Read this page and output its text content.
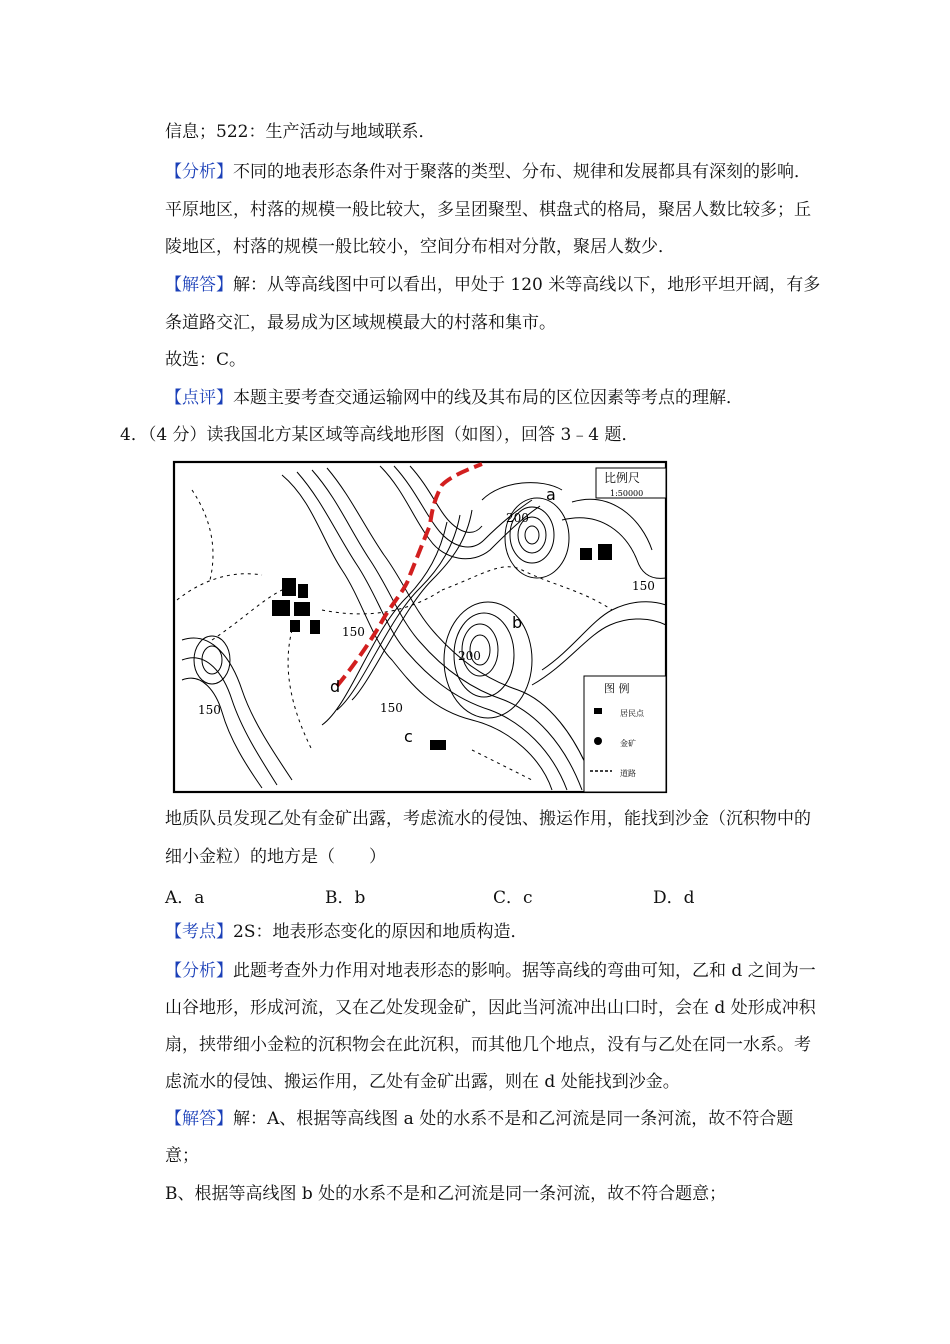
信息；522：生产活动与地域联系．
【分析】不同的地表形态条件对于聚落的类型、分布、规律和发展都具有深刻的影响．
平原地区，村落的规模一般比较大，多呈团聚型、棋盘式的格局，聚居人数比较多；丘
陵地区，村落的规模一般比较小，空间分布相对分散，聚居人数少．
【解答】解：从等高线图中可以看出，甲处于 120 米等高线以下，地形平坦开阔，有多
条道路交汇，最易成为区域规模最大的村落和集市。
故选：C。
【点评】本题主要考查交通运输网中的线及其布局的区位因素等考点的理解．
4．（4 分）读我国北方某区域等高线地形图（如图），回答 3﹣4 题．
比例尺
1:50000
图 例
居民点
金矿
道路
200
150
150
200
150
150
a
b
c
d
地质队员发现乙处有金矿出露，考虑流水的侵蚀、搬运作用，能找到沙金（沉积物中的
细小金粒）的地方是（　　）
A．a	B．b	C．c	D．d
【考点】2S：地表形态变化的原因和地质构造．
【分析】此题考查外力作用对地表形态的影响。据等高线的弯曲可知，乙和 d 之间为一
山谷地形，形成河流，又在乙处发现金矿，因此当河流冲出山口时，会在 d 处形成冲积
扇，挟带细小金粒的沉积物会在此沉积，而其他几个地点，没有与乙处在同一水系。考
虑流水的侵蚀、搬运作用，乙处有金矿出露，则在 d 处能找到沙金。
【解答】解：A、根据等高线图 a 处的水系不是和乙河流是同一条河流，故不符合题
意；
B、根据等高线图 b 处的水系不是和乙河流是同一条河流，故不符合题意；
